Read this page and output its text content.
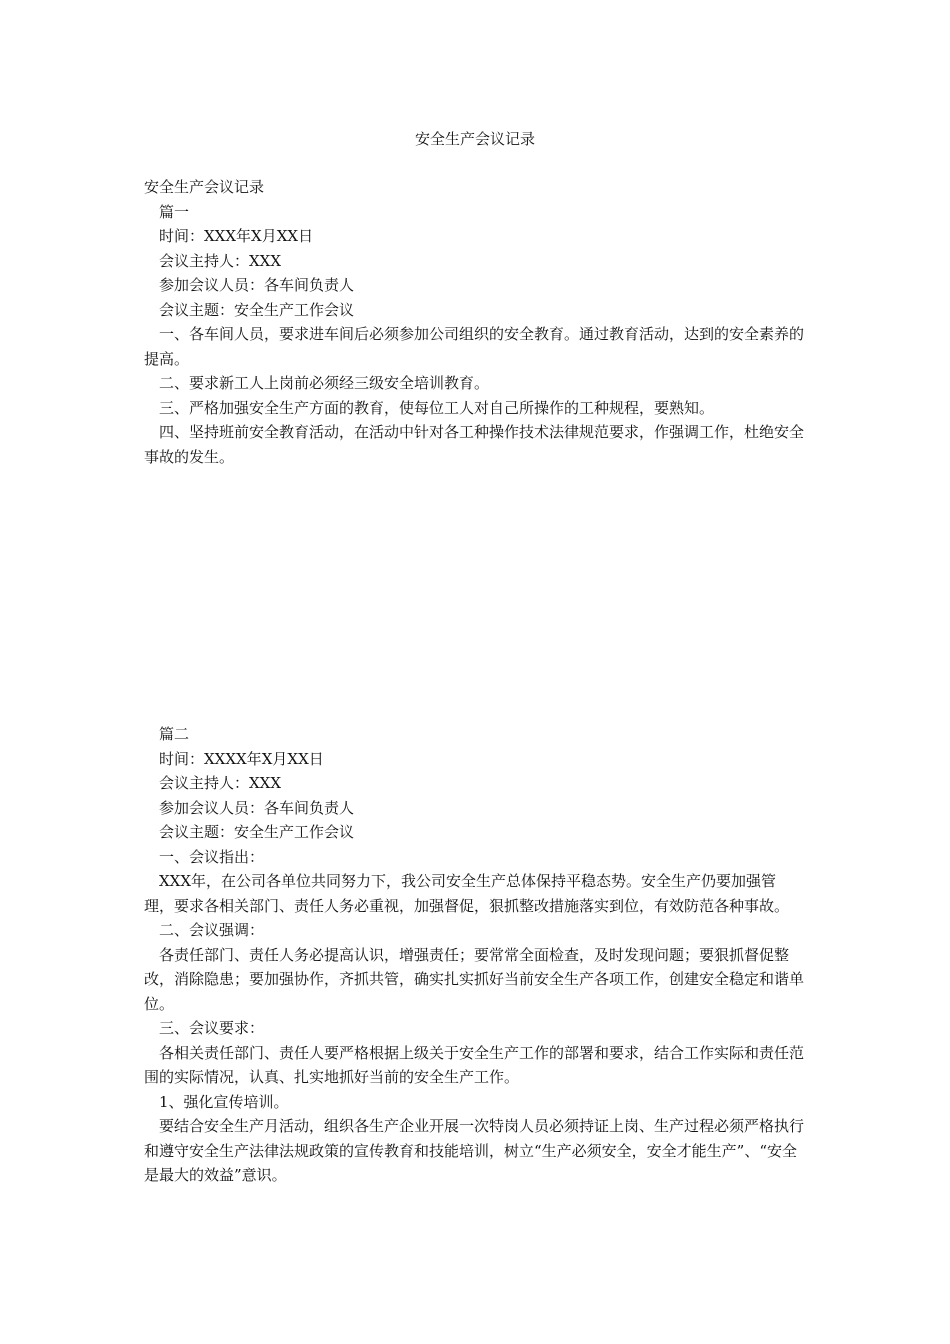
安全生产会议记录

安全生产会议记录

篇一

时间：XXX年X月XX日

会议主持人：XXX

参加会议人员：各车间负责人

会议主题：安全生产工作会议

一、各车间人员，要求进车间后必须参加公司组织的安全教育。通过教育活动，达到的安全素养的提高。

二、要求新工人上岗前必须经三级安全培训教育。

三、严格加强安全生产方面的教育，使每位工人对自己所操作的工种规程，要熟知。

四、坚持班前安全教育活动，在活动中针对各工种操作技术法律规范要求，作强调工作，杜绝安全事故的发生。

篇二

时间：XXXX年X月XX日

会议主持人：XXX

参加会议人员：各车间负责人

会议主题：安全生产工作会议

一、会议指出：

XXX年，在公司各单位共同努力下，我公司安全生产总体保持平稳态势。安全生产仍要加强管理，要求各相关部门、责任人务必重视，加强督促，狠抓整改措施落实到位，有效防范各种事故。

二、会议强调：

各责任部门、责任人务必提高认识，增强责任；要常常全面检查，及时发现问题；要狠抓督促整改，消除隐患；要加强协作，齐抓共管，确实扎实抓好当前安全生产各项工作，创建安全稳定和谐单位。

三、会议要求：

各相关责任部门、责任人要严格根据上级关于安全生产工作的部署和要求，结合工作实际和责任范围的实际情况，认真、扎实地抓好当前的安全生产工作。

1、强化宣传培训。

要结合安全生产月活动，组织各生产企业开展一次特岗人员必须持证上岗、生产过程必须严格执行和遵守安全生产法律法规政策的宣传教育和技能培训，树立“生产必须安全，安全才能生产”、“安全是最大的效益”意识。
